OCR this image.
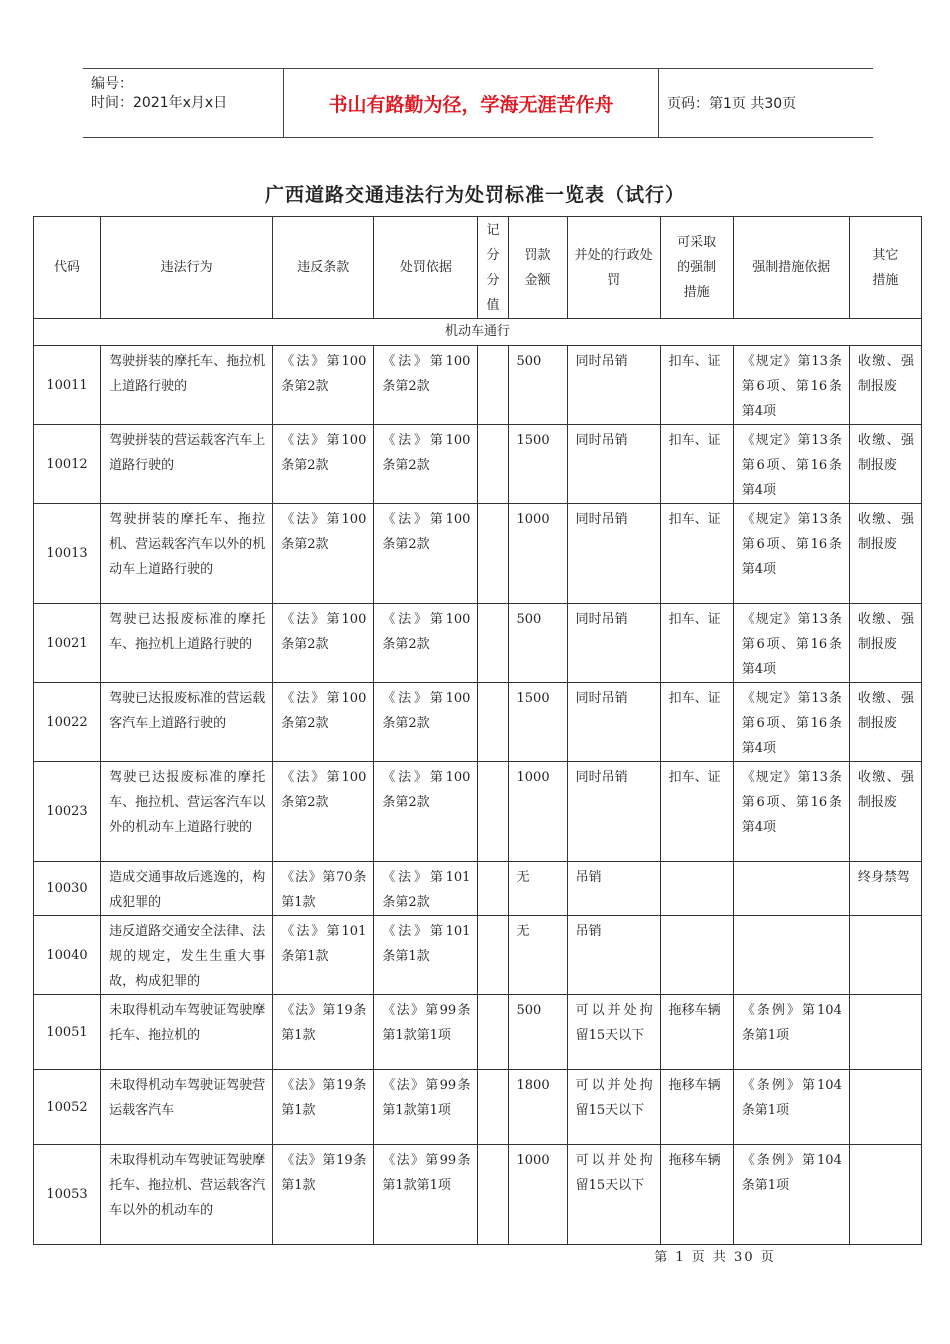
编号：
时间：2021年x月x日	书山有路勤为径，学海无涯苦作舟	页码：第1页 共30页
广西道路交通违法行为处罚标准一览表（试行）
代码	违法行为	违反条款	处罚依据	记分分值	罚款金额	并处的行政处罚	可采取的强制措施	强制措施依据	其它措施
机动车通行									
10011	驾驶拼装的摩托车、拖拉机上道路行驶的	《法》第100条第2款	《法》第100条第2款		500	同时吊销	扣车、证	《规定》第13条第6项、第16条第4项	收缴、强制报废

10012	驾驶拼装的营运载客汽车上道路行驶的	《法》第100条第2款	《法》第100条第2款		1500	同时吊销	扣车、证	《规定》第13条第6项、第16条第4项	收缴、强制报废

10013	驾驶拼装的摩托车、拖拉机、营运载客汽车以外的机动车上道路行驶的	《法》第100条第2款	《法》第100条第2款		1000	同时吊销	扣车、证	《规定》第13条第6项、第16条第4项	收缴、强制报废

10021	驾驶已达报废标准的摩托车、拖拉机上道路行驶的	《法》第100条第2款	《法》第100条第2款		500	同时吊销	扣车、证	《规定》第13条第6项、第16条第4项	收缴、强制报废

10022	驾驶已达报废标准的营运载客汽车上道路行驶的	《法》第100条第2款	《法》第100条第2款		1500	同时吊销	扣车、证	《规定》第13条第6项、第16条第4项	收缴、强制报废

10023	驾驶已达报废标准的摩托车、拖拉机、营运客汽车以外的机动车上道路行驶的	《法》第100条第2款	《法》第100条第2款		1000	同时吊销	扣车、证	《规定》第13条第6项、第16条第4项	收缴、强制报废

10030	造成交通事故后逃逸的，构成犯罪的	《法》第70条第1款	《法》第101条第2款		无	吊销			终身禁驾

10040	违反道路交通安全法律、法规的规定，发生生重大事故，构成犯罪的	《法》第101条第1款	《法》第101条第1款		无	吊销			

10051	未取得机动车驾驶证驾驶摩托车、拖拉机的	《法》第19条第1款	《法》第99条第1款第1项		500	可以并处拘留15天以下	拖移车辆	《条例》第104条第1项	

10052	未取得机动车驾驶证驾驶营运载客汽车	《法》第19条第1款	《法》第99条第1款第1项		1800	可以并处拘留15天以下	拖移车辆	《条例》第104条第1项	

10053	未取得机动车驾驶证驾驶摩托车、拖拉机、营运载客汽车以外的机动车的	《法》第19条第1款	《法》第99条第1款第1项		1000	可以并处拘留15天以下	拖移车辆	《条例》第104条第1项	

第 1 页 共 30 页
